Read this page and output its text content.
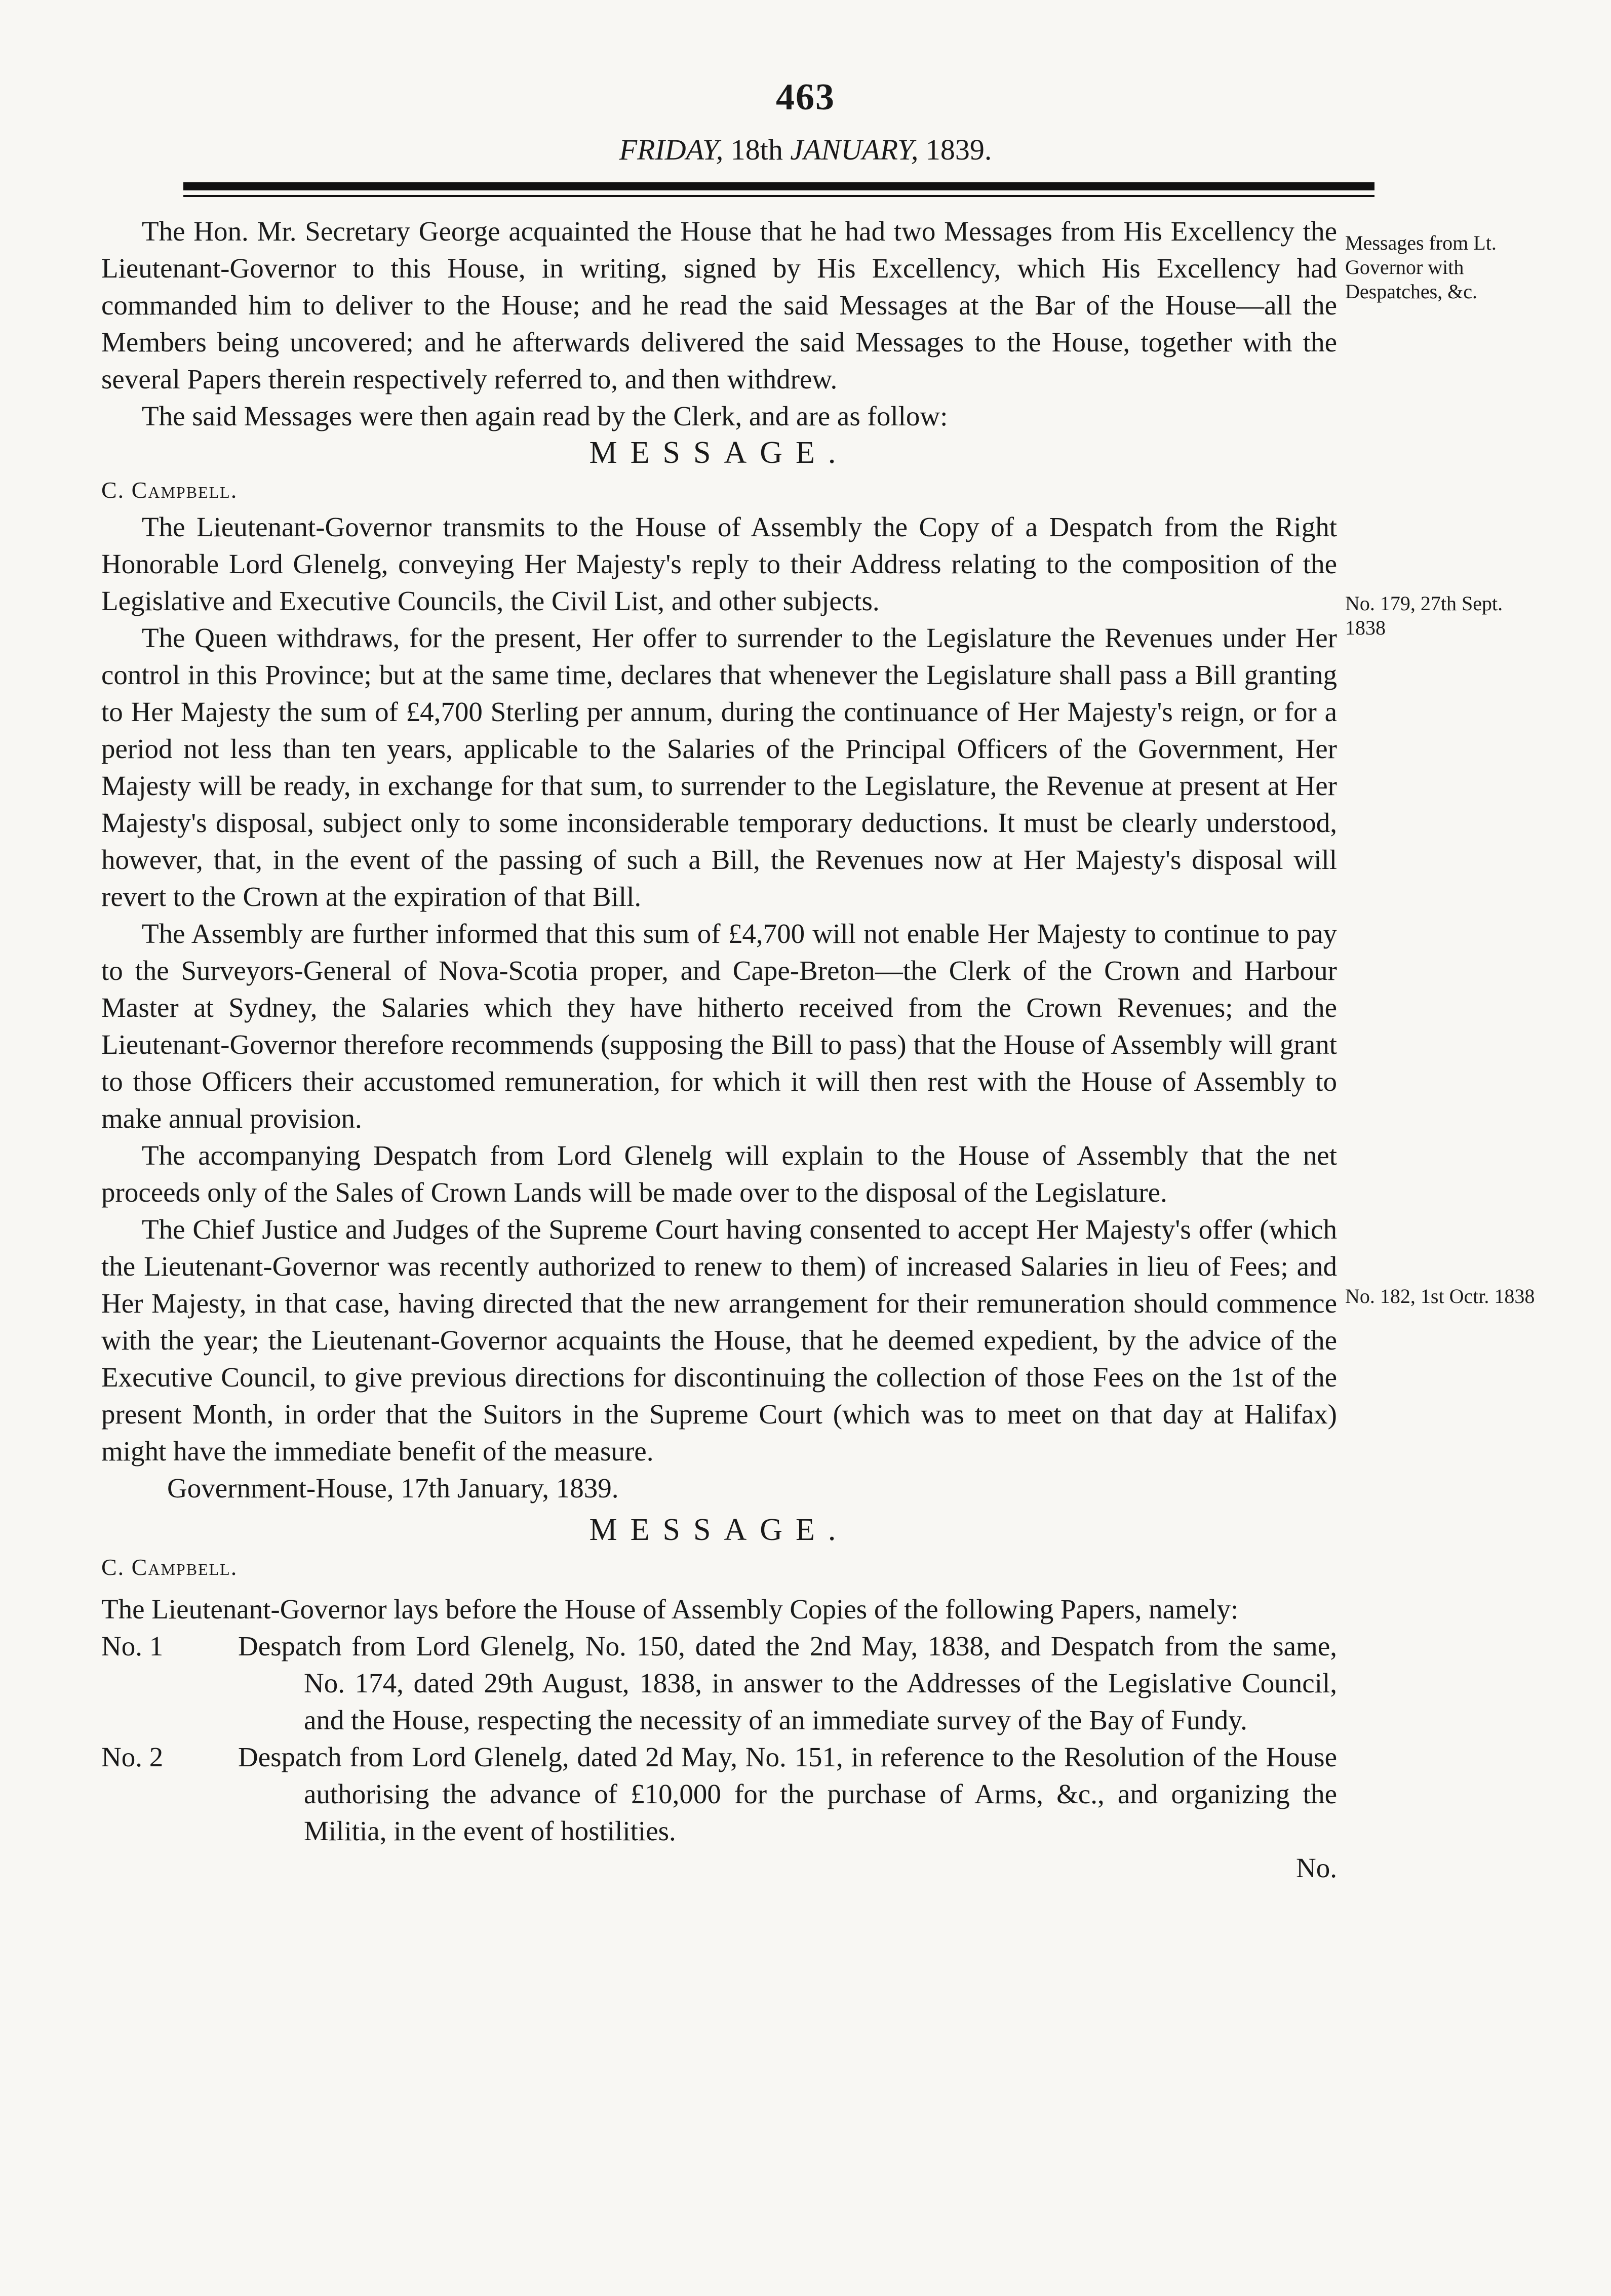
463
FRIDAY, 18th JANUARY, 1839.
Messages from Lt. Governor with Despatches, &c.
No. 179, 27th Sept. 1838
No. 182, 1st Octr. 1838

The Hon. Mr. Secretary George acquainted the House that he had two Messages from His Excellency the Lieutenant-Governor to this House, in writing, signed by His Excellency, which His Excellency had commanded him to deliver to the House; and he read the said Messages at the Bar of the House—all the Members being uncovered; and he afterwards delivered the said Messages to the House, together with the several Papers therein respectively referred to, and then withdrew.

The said Messages were then again read by the Clerk, and are as follow:

MESSAGE.

C. Campbell.

The Lieutenant-Governor transmits to the House of Assembly the Copy of a Despatch from the Right Honorable Lord Glenelg, conveying Her Majesty's reply to their Address relating to the composition of the Legislative and Executive Councils, the Civil List, and other subjects.

The Queen withdraws, for the present, Her offer to surrender to the Legislature the Revenues under Her control in this Province; but at the same time, declares that whenever the Legislature shall pass a Bill granting to Her Majesty the sum of £4,700 Sterling per annum, during the continuance of Her Majesty's reign, or for a period not less than ten years, applicable to the Salaries of the Principal Officers of the Government, Her Majesty will be ready, in exchange for that sum, to surrender to the Legislature, the Revenue at present at Her Majesty's disposal, subject only to some inconsiderable temporary deductions. It must be clearly understood, however, that, in the event of the passing of such a Bill, the Revenues now at Her Majesty's disposal will revert to the Crown at the expiration of that Bill.

The Assembly are further informed that this sum of £4,700 will not enable Her Majesty to continue to pay to the Surveyors-General of Nova-Scotia proper, and Cape-Breton—the Clerk of the Crown and Harbour Master at Sydney, the Salaries which they have hitherto received from the Crown Revenues; and the Lieutenant-Governor therefore recommends (supposing the Bill to pass) that the House of Assembly will grant to those Officers their accustomed remuneration, for which it will then rest with the House of Assembly to make annual provision.

The accompanying Despatch from Lord Glenelg will explain to the House of Assembly that the net proceeds only of the Sales of Crown Lands will be made over to the disposal of the Legislature.

The Chief Justice and Judges of the Supreme Court having consented to accept Her Majesty's offer (which the Lieutenant-Governor was recently authorized to renew to them) of increased Salaries in lieu of Fees; and Her Majesty, in that case, having directed that the new arrangement for their remuneration should commence with the year; the Lieutenant-Governor acquaints the House, that he deemed expedient, by the advice of the Executive Council, to give previous directions for discontinuing the collection of those Fees on the 1st of the present Month, in order that the Suitors in the Supreme Court (which was to meet on that day at Halifax) might have the immediate benefit of the measure.

Government-House, 17th January, 1839.

MESSAGE.

C. Campbell.

The Lieutenant-Governor lays before the House of Assembly Copies of the following Papers, namely:

No. 1	Despatch from Lord Glenelg, No. 150, dated the 2nd May, 1838, and Despatch from the same, No. 174, dated 29th August, 1838, in answer to the Addresses of the Legislative Council, and the House, respecting the necessity of an immediate survey of the Bay of Fundy.
No. 2	Despatch from Lord Glenelg, dated 2d May, No. 151, in reference to the Resolution of the House authorising the advance of £10,000 for the purchase of Arms, &c., and organizing the Militia, in the event of hostilities.
No.
